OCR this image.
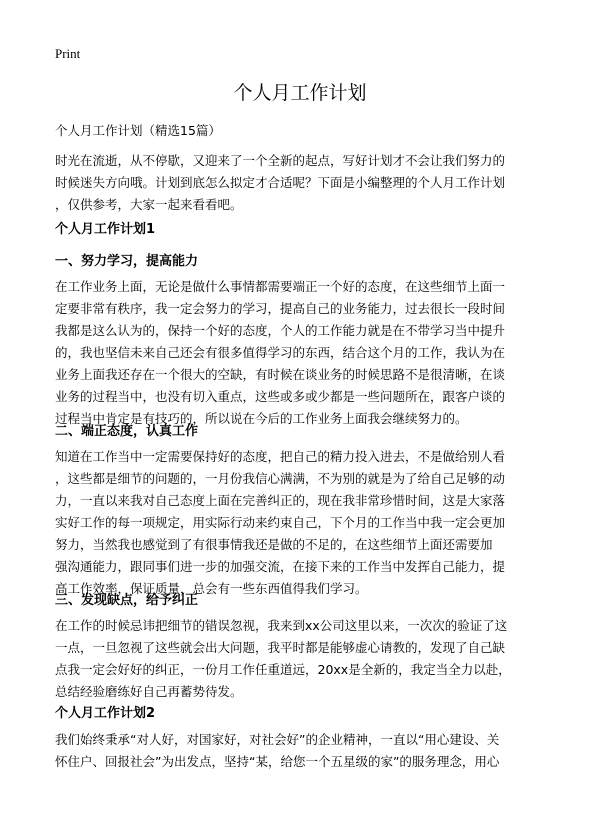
Print
个人月工作计划
个人月工作计划（精选15篇）
时光在流逝，从不停歇，又迎来了一个全新的起点，写好计划才不会让我们努力的
时候迷失方向哦。计划到底怎么拟定才合适呢？下面是小编整理的个人月工作计划
，仅供参考，大家一起来看看吧。
个人月工作计划1
一、努力学习，提高能力
在工作业务上面，无论是做什么事情都需要端正一个好的态度，在这些细节上面一
定要非常有秩序，我一定会努力的学习，提高自己的业务能力，过去很长一段时间
我都是这么认为的，保持一个好的态度，个人的工作能力就是在不带学习当中提升
的，我也坚信未来自己还会有很多值得学习的东西，结合这个月的工作，我认为在
业务上面我还存在一个很大的空缺，有时候在谈业务的时候思路不是很清晰，在谈
业务的过程当中，也没有切入重点，这些或多或少都是一些问题所在，跟客户谈的
过程当中肯定是有技巧的，所以说在今后的工作业务上面我会继续努力的。
二、端正态度，认真工作
知道在工作当中一定需要保持好的态度，把自己的精力投入进去，不是做给别人看
，这些都是细节的问题的，一月份我信心满满，不为别的就是为了给自己足够的动
力，一直以来我对自己态度上面在完善纠正的，现在我非常珍惜时间，这是大家落
实好工作的每一项规定，用实际行动来约束自己，下个月的工作当中我一定会更加
努力，当然我也感觉到了有很事情我还是做的不足的，在这些细节上面还需要加
强沟通能力，跟同事们进一步的加强交流，在接下来的工作当中发挥自己能力，提
高工作效率，保证质量，总会有一些东西值得我们学习。
三、发现缺点，给予纠正
在工作的时候忌讳把细节的错误忽视，我来到xx公司这里以来，一次次的验证了这
一点，一旦忽视了这些就会出大问题，我平时都是能够虚心请教的，发现了自己缺
点我一定会好好的纠正，一份月工作任重道远，20xx是全新的，我定当全力以赴，
总结经验磨练好自己再蓄势待发。
个人月工作计划2
我们始终秉承“对人好，对国家好，对社会好”的企业精神，一直以“用心建设、关
怀住户、回报社会”为出发点，坚持“某，给您一个五星级的家”的服务理念，用心
